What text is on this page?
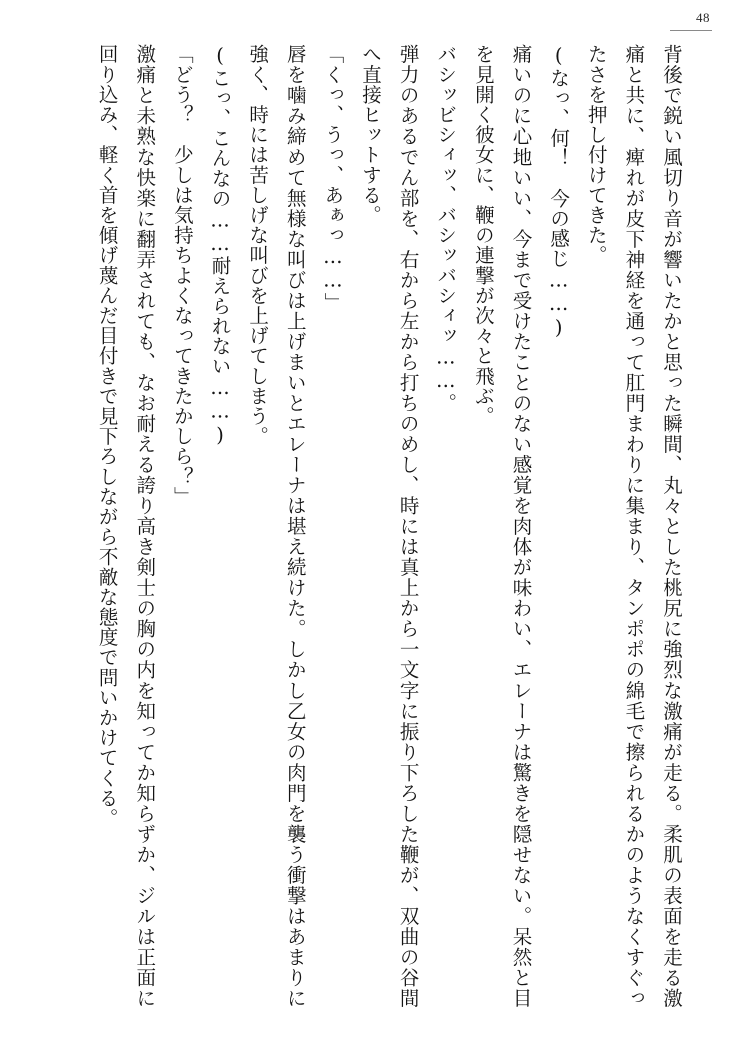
48

背後で鋭い風切り音が響いたかと思った瞬間、丸々とした桃尻に強烈な激痛が走る。柔肌の表面を走る激痛と共に、痺れが皮下神経を通って肛門まわりに集まり、タンポポの綿毛で擦られるかのようなくすぐったさを押し付けてきた。

(なっ、何！　今の感じ……)

痛いのに心地いい、今まで受けたことのない感覚を肉体が味わい、エレーナは驚きを隠せない。呆然と目を見開く彼女に、鞭の連撃が次々と飛ぶ。

バシッビシィッ、バシッバシィッ……。

弾力のあるでん部を、右から左から打ちのめし、時には真上から一文字に振り下ろした鞭が、双曲の谷間へ直接ヒットする。

「くっ、うっ、あぁっ……」

唇を噛み締めて無様な叫びは上げまいとエレーナは堪え続けた。しかし乙女の肉門を襲う衝撃はあまりに強く、時には苦しげな叫びを上げてしまう。

(こっ、こんなの……耐えられない……)

「どう？　少しは気持ちよくなってきたかしら？」

激痛と未熟な快楽に翻弄されても、なお耐える誇り高き剣士の胸の内を知ってか知らずか、ジルは正面に回り込み、軽く首を傾げ蔑んだ目付きで見下ろしながら不敵な態度で問いかけてくる。
